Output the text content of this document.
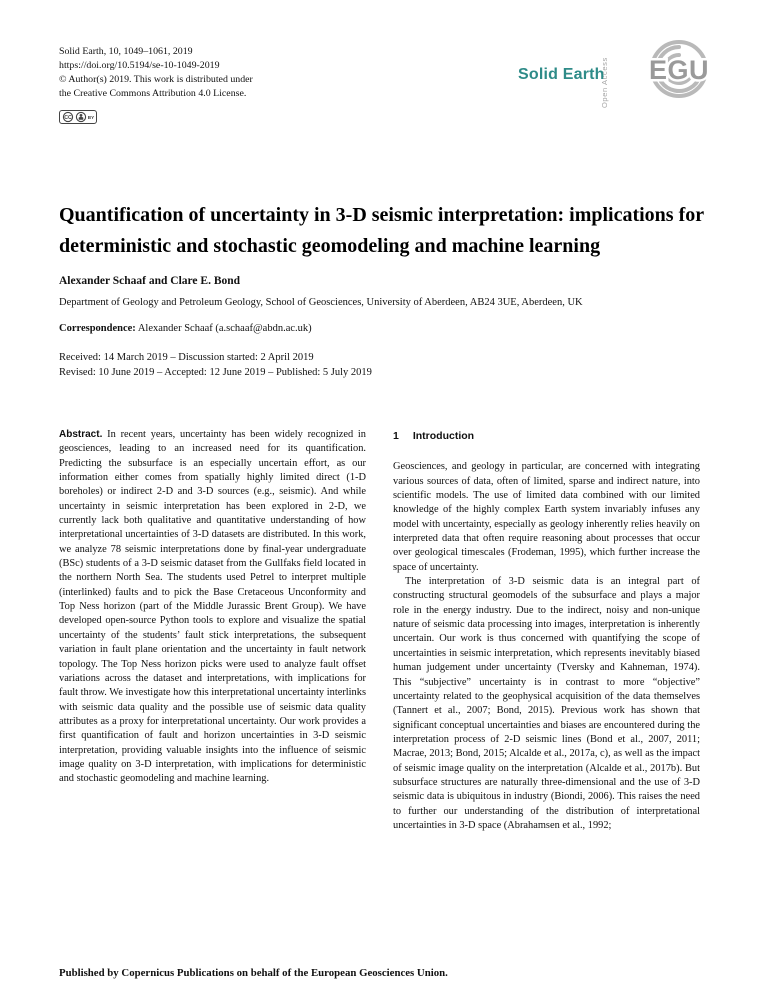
Solid Earth, 10, 1049–1061, 2019
https://doi.org/10.5194/se-10-1049-2019
© Author(s) 2019. This work is distributed under
the Creative Commons Attribution 4.0 License.
CC	BY
Solid Earth
Open Access EGU
Quantification of uncertainty in 3-D seismic interpretation: implications for deterministic and stochastic geomodeling and machine learning
Alexander Schaaf and Clare E. Bond
Department of Geology and Petroleum Geology, School of Geosciences, University of Aberdeen, AB24 3UE, Aberdeen, UK
Correspondence: Alexander Schaaf (a.schaaf@abdn.ac.uk)
Received: 14 March 2019 – Discussion started: 2 April 2019
Revised: 10 June 2019 – Accepted: 12 June 2019 – Published: 5 July 2019

Abstract. In recent years, uncertainty has been widely recognized in geosciences, leading to an increased need for its quantification. Predicting the subsurface is an especially uncertain effort, as our information either comes from spatially highly limited direct (1-D boreholes) or indirect 2-D and 3-D sources (e.g., seismic). And while uncertainty in seismic interpretation has been explored in 2-D, we currently lack both qualitative and quantitative understanding of how interpretational uncertainties of 3-D datasets are distributed. In this work, we analyze 78 seismic interpretations done by final-year undergraduate (BSc) students of a 3-D seismic dataset from the Gullfaks field located in the northern North Sea. The students used Petrel to interpret multiple (interlinked) faults and to pick the Base Cretaceous Unconformity and Top Ness horizon (part of the Middle Jurassic Brent Group). We have developed open-source Python tools to explore and visualize the spatial uncertainty of the students’ fault stick interpretations, the subsequent variation in fault plane orientation and the uncertainty in fault network topology. The Top Ness horizon picks were used to analyze fault offset variations across the dataset and interpretations, with implications for fault throw. We investigate how this interpretational uncertainty interlinks with seismic data quality and the possible use of seismic data quality attributes as a proxy for interpretational uncertainty. Our work provides a first quantification of fault and horizon uncertainties in 3-D seismic interpretation, providing valuable insights into the influence of seismic image quality on 3-D interpretation, with implications for deterministic and stochastic geomodeling and machine learning.

1 Introduction

Geosciences, and geology in particular, are concerned with integrating various sources of data, often of limited, sparse and indirect nature, into scientific models. The use of limited data combined with our limited knowledge of the highly complex Earth system invariably infuses any model with uncertainty, especially as geology inherently relies heavily on interpreted data that often require reasoning about processes that occur over geological timescales (Frodeman, 1995), which further increase the space of uncertainty.

The interpretation of 3-D seismic data is an integral part of constructing structural geomodels of the subsurface and plays a major role in the energy industry. Due to the indirect, noisy and non-unique nature of seismic data processing into images, interpretation is inherently uncertain. Our work is thus concerned with quantifying the scope of uncertainties in seismic interpretation, which represents inevitably biased human judgement under uncertainty (Tversky and Kahneman, 1974). This “subjective” uncertainty is in contrast to more “objective” uncertainty related to the geophysical acquisition of the data themselves (Tannert et al., 2007; Bond, 2015). Previous work has shown that significant conceptual uncertainties and biases are encountered during the interpretation process of 2-D seismic lines (Bond et al., 2007, 2011; Macrae, 2013; Bond, 2015; Alcalde et al., 2017a, c), as well as the impact of seismic image quality on the interpretation (Alcalde et al., 2017b). But subsurface structures are naturally three-dimensional and the use of 3-D seismic data is ubiquitous in industry (Biondi, 2006). This raises the need to further our understanding of the distribution of interpretational uncertainties in 3-D space (Abrahamsen et al., 1992;

Published by Copernicus Publications on behalf of the European Geosciences Union.
